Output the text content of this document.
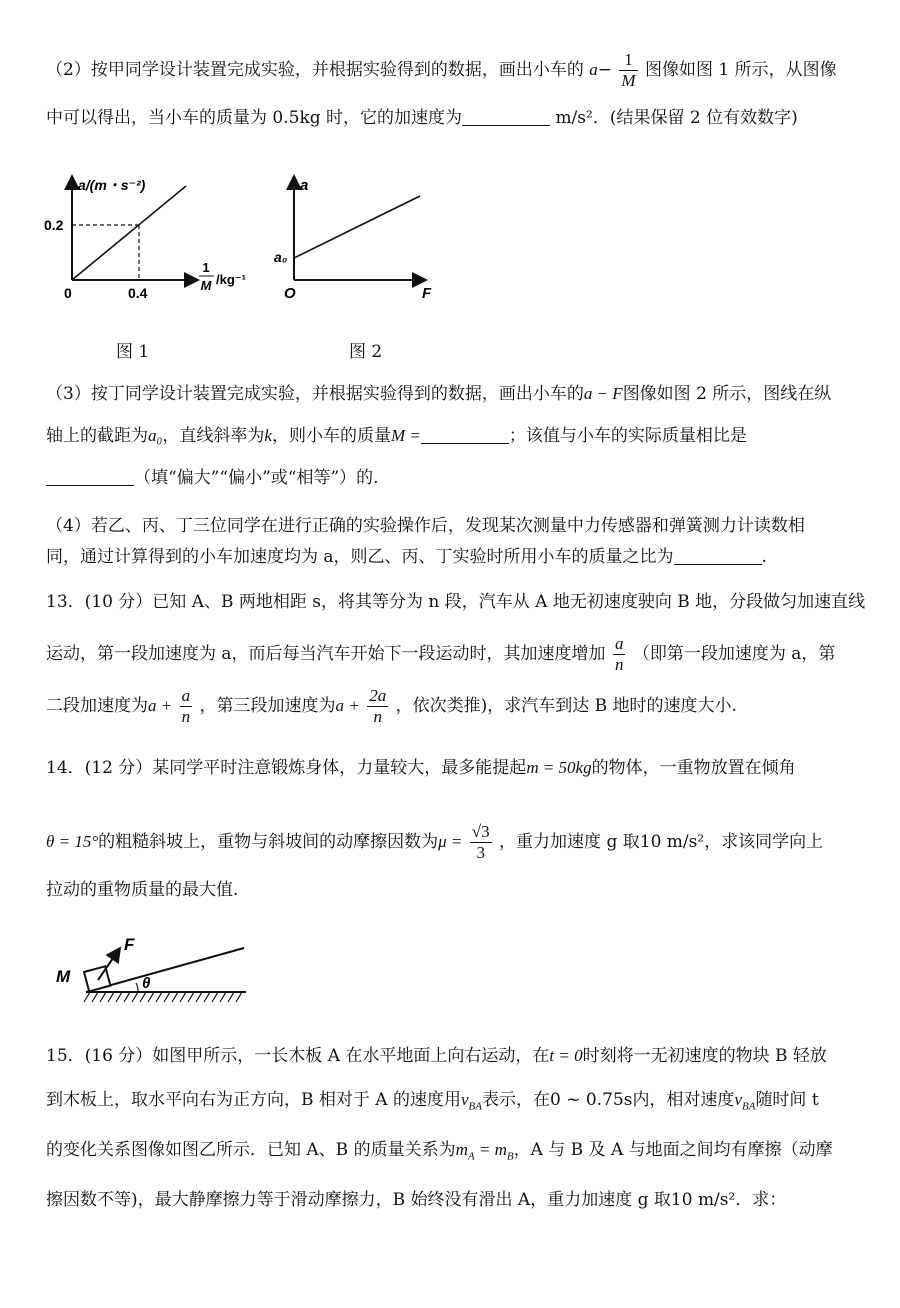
（2）按甲同学设计装置完成实验，并根据实验得到的数据，画出小车的 $a- \frac{1}{M}$ 图像如图 1 所示，从图像
中可以得出，当小车的质量为 0.5kg 时，它的加速度为	m/s²．(结果保留 2 位有效数字)
a/(m・s⁻²)
0.2
0	0.4
1
M /kg⁻¹
a
a₀
O	F
图 1	图 2
（3）按丁同学设计装置完成实验，并根据实验得到的数据，画出小车的a − F图像如图 2 所示，图线在纵
轴上的截距为a₀，直线斜率为k，则小车的质量M =	；该值与小车的实际质量相比是
（填“偏大”“偏小”或“相等”）的.
（4）若乙、丙、丁三位同学在进行正确的实验操作后，发现某次测量中力传感器和弹簧测力计读数相
同，通过计算得到的小车加速度均为 a，则乙、丙、丁实验时所用小车的质量之比为	.
13．(10 分）已知 A、B 两地相距 s，将其等分为 n 段，汽车从 A 地无初速度驶向 B 地，分段做匀加速直线
运动，第一段加速度为 a，而后每当汽车开始下一段运动时，其加速度增加 $\frac{a}{n}$ （即第一段加速度为 a，第
二段加速度为$a + \frac{a}{n}$ ，第三段加速度为$a + \frac{2a}{n}$ ，依次类推)，求汽车到达 B 地时的速度大小.
14．(12 分）某同学平时注意锻炼身体，力量较大，最多能提起m = 50kg的物体，一重物放置在倾角
θ = 15°的粗糙斜坡上，重物与斜坡间的动摩擦因数为$\mu = \frac{√3}{3}$ ，重力加速度 g 取10 m/s²，求该同学向上
拉动的重物质量的最大值.
M
F
θ
15．(16 分）如图甲所示，一长木板 A 在水平地面上向右运动，在t = 0时刻将一无初速度的物块 B 轻放
到木板上，取水平向右为正方向，B 相对于 A 的速度用$v_{BA}$表示，在0 ~ 0.75s内，相对速度$v_{BA}$随时间 t
的变化关系图像如图乙所示．已知 A、B 的质量关系为$m_A = m_B$，A 与 B 及 A 与地面之间均有摩擦（动摩
擦因数不等)，最大静摩擦力等于滑动摩擦力，B 始终没有滑出 A，重力加速度 g 取10 m/s²．求：
